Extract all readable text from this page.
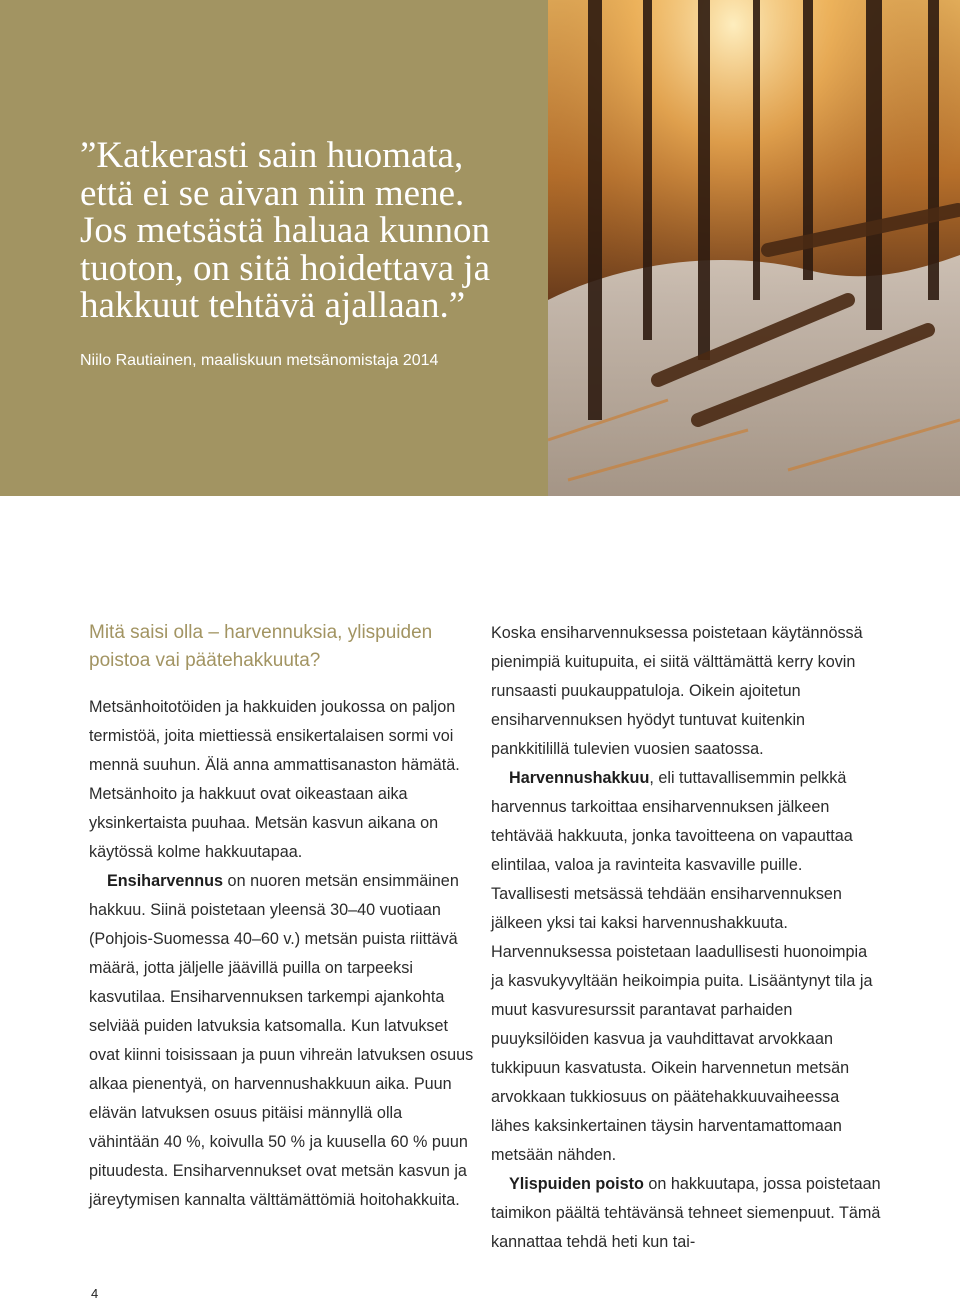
”Katkerasti sain huomata,
että ei se aivan niin mene.
Jos metsästä haluaa kunnon
tuoton, on sitä hoidettava ja
hakkuut tehtävä ajallaan.”
Niilo Rautiainen, maaliskuun metsänomistaja 2014

Mitä saisi olla – harvennuksia, ylispuiden poistoa vai päätehakkuuta?

Metsänhoitotöiden ja hakkuiden joukossa on paljon termistöä, joita miettiessä ensikertalaisen sormi voi mennä suuhun. Älä anna ammattisanaston hämätä. Metsänhoito ja hakkuut ovat oikeastaan aika yksinkertaista puuhaa. Metsän kasvun aikana on käytössä kolme hakkuutapaa.

Ensiharvennus on nuoren metsän ensimmäinen hakkuu. Siinä poistetaan yleensä 30–40 vuotiaan (Pohjois-Suomessa 40–60 v.) metsän puista riittävä määrä, jotta jäljelle jäävillä puilla on tarpeeksi kasvutilaa. Ensiharvennuksen tarkempi ajankohta selviää puiden latvuksia katsomalla. Kun latvukset ovat kiinni toisissaan ja puun vihreän latvuksen osuus alkaa pienentyä, on harvennushakkuun aika. Puun elävän latvuksen osuus pitäisi männyllä olla vähintään 40 %, koivulla 50 % ja kuusella 60 % puun pituudesta. Ensiharvennukset ovat metsän kasvun ja järeytymisen kannalta välttämättömiä hoitohakkuita.

Koska ensiharvennuksessa poistetaan käytännössä pienimpiä kuitupuita, ei siitä välttämättä kerry kovin runsaasti puukauppatuloja. Oikein ajoitetun ensiharvennuksen hyödyt tuntuvat kuitenkin pankkitilillä tulevien vuosien saatossa.

Harvennushakkuu, eli tuttavallisemmin pelkkä harvennus tarkoittaa ensiharvennuksen jälkeen tehtävää hakkuuta, jonka tavoitteena on vapauttaa elintilaa, valoa ja ravinteita kasvaville puille. Tavallisesti metsässä tehdään ensiharvennuksen jälkeen yksi tai kaksi harvennushakkuuta. Harvennuksessa poistetaan laadullisesti huonoimpia ja kasvukyvyltään heikoimpia puita. Lisääntynyt tila ja muut kasvuresurssit parantavat parhaiden puuyksilöiden kasvua ja vauhdittavat arvokkaan tukkipuun kasvatusta. Oikein harvennetun metsän arvokkaan tukkiosuus on päätehakkuuvaiheessa lähes kaksinkertainen täysin harventamattomaan metsään nähden.

Ylispuiden poisto on hakkuutapa, jossa poistetaan taimikon päältä tehtävänsä tehneet siemenpuut. Tämä kannattaa tehdä heti kun tai-

4
